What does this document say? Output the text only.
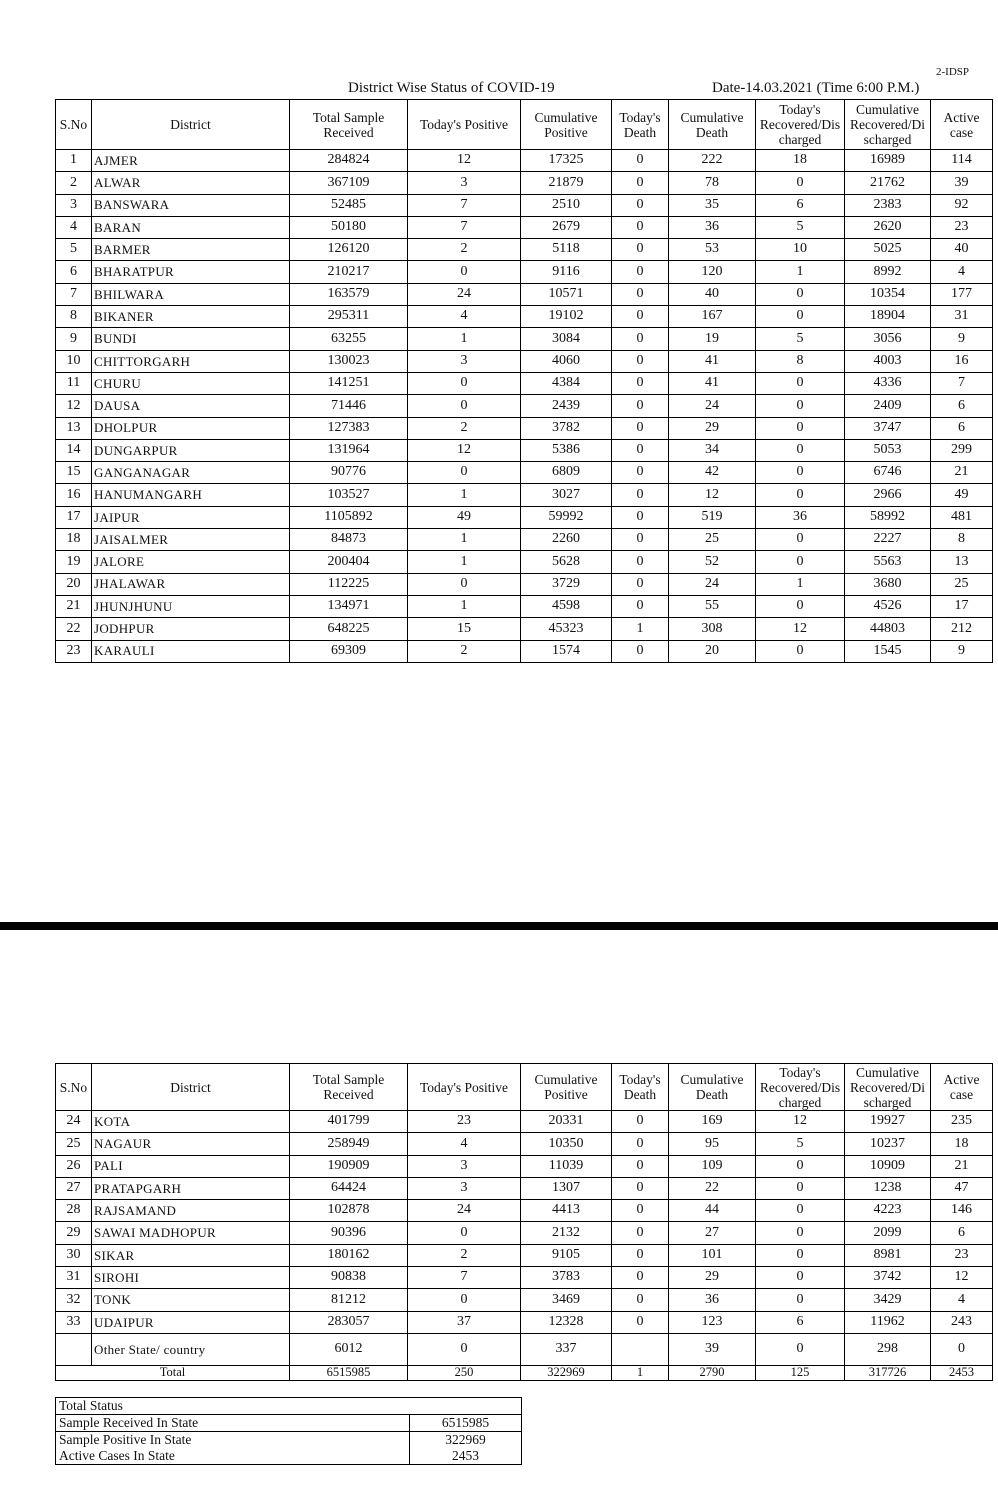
2-IDSP
District Wise Status of COVID-19	Date-14.03.2021 (Time 6:00 P.M.)
S.No	District	Total Sample Received	Today's Positive	Cumulative Positive	Today's Death	Cumulative Death	Today's Recovered/Dis charged	Cumulative Recovered/Di scharged	Active case
1	AJMER	284824	12	17325	0	222	18	16989	114
2	ALWAR	367109	3	21879	0	78	0	21762	39
3	BANSWARA	52485	7	2510	0	35	6	2383	92
4	BARAN	50180	7	2679	0	36	5	2620	23
5	BARMER	126120	2	5118	0	53	10	5025	40
6	BHARATPUR	210217	0	9116	0	120	1	8992	4
7	BHILWARA	163579	24	10571	0	40	0	10354	177
8	BIKANER	295311	4	19102	0	167	0	18904	31
9	BUNDI	63255	1	3084	0	19	5	3056	9
10	CHITTORGARH	130023	3	4060	0	41	8	4003	16
11	CHURU	141251	0	4384	0	41	0	4336	7
12	DAUSA	71446	0	2439	0	24	0	2409	6
13	DHOLPUR	127383	2	3782	0	29	0	3747	6
14	DUNGARPUR	131964	12	5386	0	34	0	5053	299
15	GANGANAGAR	90776	0	6809	0	42	0	6746	21
16	HANUMANGARH	103527	1	3027	0	12	0	2966	49
17	JAIPUR	1105892	49	59992	0	519	36	58992	481
18	JAISALMER	84873	1	2260	0	25	0	2227	8
19	JALORE	200404	1	5628	0	52	0	5563	13
20	JHALAWAR	112225	0	3729	0	24	1	3680	25
21	JHUNJHUNU	134971	1	4598	0	55	0	4526	17
22	JODHPUR	648225	15	45323	1	308	12	44803	212
23	KARAULI	69309	2	1574	0	20	0	1545	9
S.No	District	Total Sample Received	Today's Positive	Cumulative Positive	Today's Death	Cumulative Death	Today's Recovered/Dis charged	Cumulative Recovered/Di scharged	Active case
24	KOTA	401799	23	20331	0	169	12	19927	235
25	NAGAUR	258949	4	10350	0	95	5	10237	18
26	PALI	190909	3	11039	0	109	0	10909	21
27	PRATAPGARH	64424	3	1307	0	22	0	1238	47
28	RAJSAMAND	102878	24	4413	0	44	0	4223	146
29	SAWAI MADHOPUR	90396	0	2132	0	27	0	2099	6
30	SIKAR	180162	2	9105	0	101	0	8981	23
31	SIROHI	90838	7	3783	0	29	0	3742	12
32	TONK	81212	0	3469	0	36	0	3429	4
33	UDAIPUR	283057	37	12328	0	123	6	11962	243
	Other State/ country	6012	0	337		39	0	298	0
Total		6515985	250	322969	1	2790	125	317726	2453
Total Status	
Sample Received In State	6515985
Sample Positive In State	322969
Active Cases In State	2453
